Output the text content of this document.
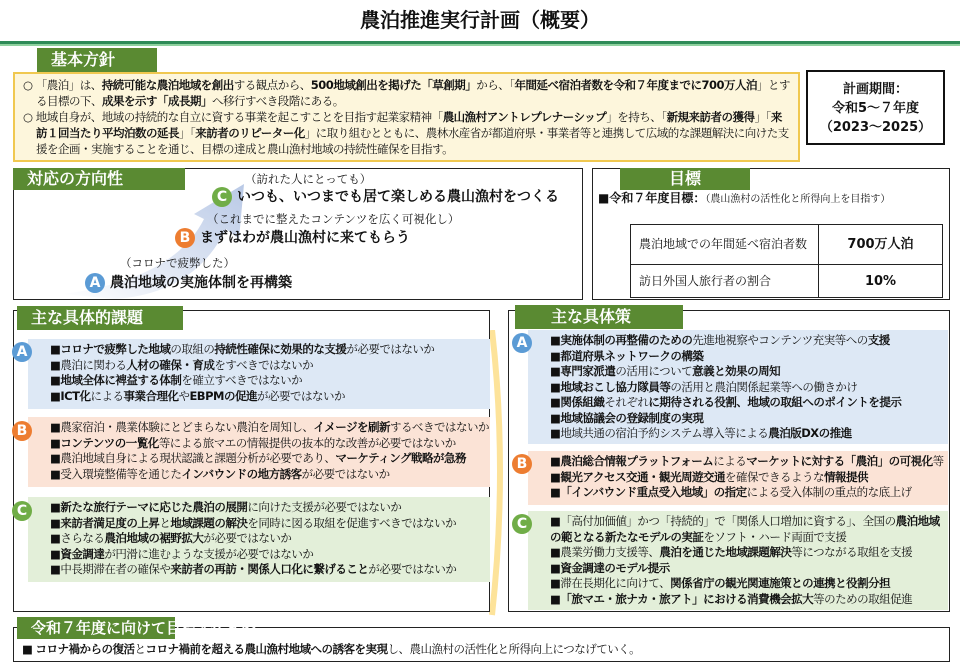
農泊推進実行計画（概要）
基本方針

○ 「農泊」は、持続可能な農泊地域を創出する観点から、500地域創出を掲げた「草創期」から、「年間延べ宿泊者数を令和７年度までに700万人泊」とする目標の下、成果を示す「成長期」へ移行すべき段階にある。

○ 地域自身が、地域の持続的な自立に資する事業を起こすことを目指す起業家精神「農山漁村アントレプレナーシップ」を持ち、「新規来訪者の獲得」「来訪１回当たり平均泊数の延長」「来訪者のリピーター化」に取り組むとともに、農林水産省が都道府県・事業者等と連携して広域的な課題解決に向けた支援を企画・実施することを通じ、目標の達成と農山漁村地域の持続性確保を目指す。

計画期間：
令和5～７年度
（2023～2025）
対応の方向性	（訪れた人にとっても）
C いつも、いつまでも居て楽しめる農山漁村をつくる
（これまでに整えたコンテンツを広く可視化し）
B まずはわが農山漁村に来てもらう
（コロナで疲弊した）
A 農泊地域の実施体制を再構築
目標
■令和７年度目標：（農山漁村の活性化と所得向上を目指す）
農泊地域での年間延べ宿泊者数	700万人泊
訪日外国人旅行者の割合	10%
主な具体的課題
■コロナで疲弊した地域の取組の持続性確保に効果的な支援が必要ではないか
■農泊に関わる人材の確保・育成をすべきではないか
■地域全体に裨益する体制を確立すべきではないか
■ICT化による事業合理化やEBPMの促進が必要ではないか
■農家宿泊・農業体験にとどまらない農泊を周知し、イメージを刷新するべきではないか
■コンテンツの一覧化等による旅マエの情報提供の抜本的な改善が必要ではないか
■農泊地域自身による現状認識と課題分析が必要であり、マーケティング戦略が急務
■受入環境整備等を通じたインバウンドの地方誘客が必要ではないか
■新たな旅行テーマに応じた農泊の展開に向けた支援が必要ではないか
■来訪者満足度の上昇と地域課題の解決を同時に図る取組を促進すべきではないか
■さらなる農泊地域の裾野拡大が必要ではないか
■資金調達が円滑に進むような支援が必要ではないか
■中長期滞在者の確保や来訪者の再訪・関係人口化に繋げることが必要ではないか
A
B
C
主な具体策
■実施体制の再整備のための先進地視察やコンテンツ充実等への支援
■都道府県ネットワークの構築
■専門家派遣の活用について意義と効果の周知
■地域おこし協力隊員等の活用と農泊関係起業等への働きかけ
■関係組織それぞれに期待される役割、地域の取組へのポイントを提示
■地域協議会の登録制度の実現
■地域共通の宿泊予約システム導入等による農泊版DXの推進
■農泊総合情報プラットフォームによるマーケットに対する「農泊」の可視化等
■観光アクセス交通・観光周遊交通を確保できるような情報提供
■「インバウンド重点受入地域」の指定による受入体制の重点的な底上げ
■「高付加価値」かつ「持続的」で「関係人口増加に資する」、全国の農泊地域
の範となる新たなモデルの実証をソフト・ハード両面で支援
■農業労働力支援等、農泊を通じた地域課題解決等につながる取組を支援
■資金調達のモデル提示
■滞在長期化に向けて、関係省庁の観光関連施策との連携と役割分担
■「旅マエ・旅ナカ・旅アト」における消費機会拡大等のための取組促進
A
B
C
令和７年度に向けて目指すべき姿
■ コロナ禍からの復活とコロナ禍前を超える農山漁村地域への誘客を実現し、農山漁村の活性化と所得向上につなげていく。
